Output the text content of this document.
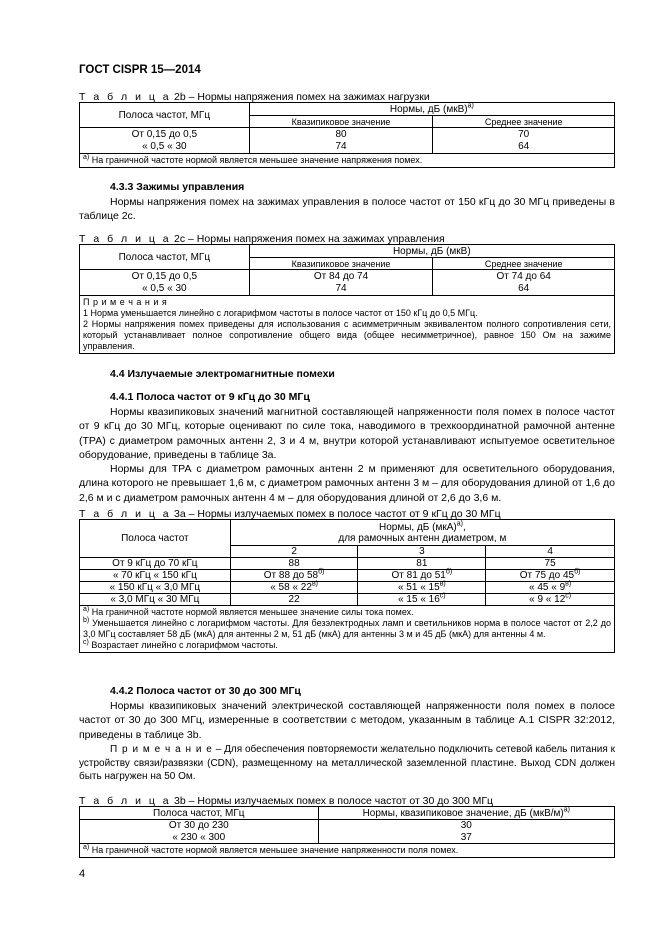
ГОСТ CISPR 15—2014
Т а б л и ц а 2b – Нормы напряжения помех на зажимах нагрузки
Полоса частот, МГц	Нормы, дБ (мкВ)$^{а)}$
	Квазипиковое значение	Среднее значение
От 0,15 до 0,5	80	70
« 0,5 « 30	74	64
$^{а)}$ На граничной частоте нормой является меньшее значение напряжения помех.		
4.3.3 Зажимы управления
Нормы напряжения помех на зажимах управления в полосе частот от 150 кГц до 30 МГц приведены в таблице 2с.
Т а б л и ц а 2с – Нормы напряжения помех на зажимах управления
Полоса частот, МГц	Нормы, дБ (мкВ)	
	Квазипиковое значение	Среднее значение
От 0,15 до 0,5	От 84 до 74	От 74 до 64
« 0,5 « 30	74	64

П р и м е ч а н и я
1 Норма уменьшается линейно с логарифмом частоты в полосе частот от 150 кГц до 0,5 МГц.
2 Нормы напряжения помех приведены для использования с асимметричным эквивалентом полного сопротивления сети, который устанавливает полное сопротивление общего вида (общее несимметричное), равное 150 Ом на зажиме управления.		
4.4 Излучаемые электромагнитные помехи
4.4.1 Полоса частот от 9 кГц до 30 МГц
Нормы квазипиковых значений магнитной составляющей напряженности поля помех в полосе частот от 9 кГц до 30 МГц, которые оценивают по силе тока, наводимого в трехкоординатной рамочной антенне (ТРА) с диаметром рамочных антенн 2, 3 и 4 м, внутри которой устанавливают испытуемое осветительное оборудование, приведены в таблице 3а.
Нормы для ТРА с диаметром рамочных антенн 2 м применяют для осветительного оборудования, длина которого не превышает 1,6 м, с диаметром рамочных антенн 3 м – для оборудования длиной от 1,6 до 2,6 м и с диаметром рамочных антенн 4 м – для оборудования длиной от 2,6 до 3,6 м.
Т а б л и ц а 3а – Нормы излучаемых помех в полосе частот от 9 кГц до 30 МГц
Полоса частот	Нормы, дБ (мкА)$^{а)}$,
для рамочных антенн диаметром, м		

	2	3	4
От 9 кГц до 70 кГц	88	81	75
« 70 кГц « 150 кГц	От 88 до $58^{б)}$	От 81 до $51^{б)}$	От 75 до $45^{б)}$
« 150 кГц « 3,0 МГц	« 58 « $22^{в)}$	« 51 « $15^{в)}$	« 45 « $9^{в)}$
« 3,0 МГц « 30 МГц	22	« 15 « $16^{с)}$	« 9 « $12^{с)}$

$^{а)}$ На граничной частоте нормой является меньшее значение силы тока помех.
$^{b)}$ Уменьшается линейно с логарифмом частоты. Для безэлектродных ламп и светильников норма в полосе частот от 2,2 до 3,0 МГц составляет 58 дБ (мкА) для антенны 2 м, 51 дБ (мкА) для антенны 3 м и 45 дБ (мкА) для антенны 4 м.
$^{с)}$ Возрастает линейно с логарифмом частоты.			
4.4.2 Полоса частот от 30 до 300 МГц
Нормы квазипиковых значений электрической составляющей напряженности поля помех в полосе частот от 30 до 300 МГц, измеренные в соответствии с методом, указанным в таблице А.1 CISPR 32:2012, приведены в таблице 3b.
П р и м е ч а н и е – Для обеспечения повторяемости желательно подключить сетевой кабель питания к устройству связи/развязки (CDN), размещенному на металлической заземленной пластине. Выход CDN должен быть нагружен на 50 Ом.
Т а б л и ц а 3b – Нормы излучаемых помех в полосе частот от 30 до 300 МГц
Полоса частот, МГц	Нормы, квазипиковое значение, дБ $(мкВ/м)^{а)}$
От 30 до 230	30
« 230 « 300	37
$^{а)}$ На граничной частоте нормой является меньшее значение напряженности поля помех.	
4
